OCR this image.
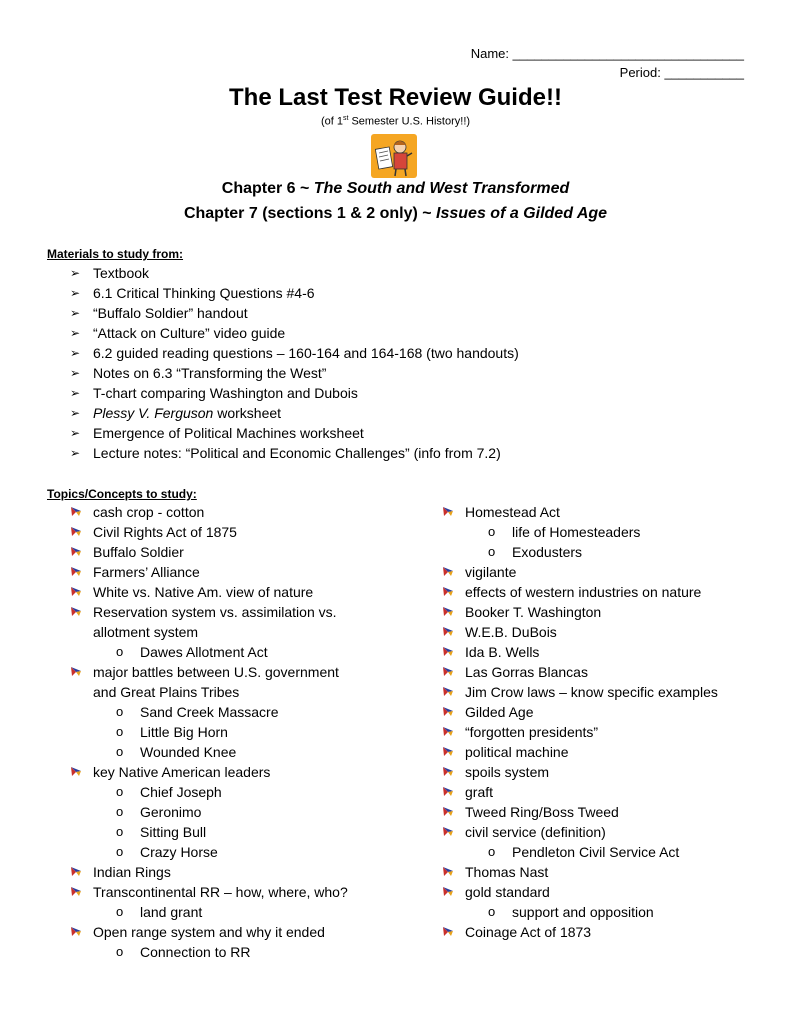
Name: ________________________________
Period: ___________
The Last Test Review Guide!!
(of 1st Semester U.S. History!!)
Chapter 6 ~ The South and West Transformed
Chapter 7 (sections 1 & 2 only) ~ Issues of a Gilded Age
Materials to study from:
➢ Textbook
➢ 6.1 Critical Thinking Questions #4-6
➢ “Buffalo Soldier” handout
➢ “Attack on Culture” video guide
➢ 6.2 guided reading questions – 160-164 and 164-168 (two handouts)
➢ Notes on 6.3 “Transforming the West”
➢ T-chart comparing Washington and Dubois
➢ Plessy V. Ferguson worksheet
➢ Emergence of Political Machines worksheet
➢ Lecture notes: “Political and Economic Challenges” (info from 7.2)
Topics/Concepts to study:
cash crop - cotton
Civil Rights Act of 1875
Buffalo Soldier
Farmers’ Alliance
White vs. Native Am. view of nature
Reservation system vs. assimilation vs.
allotment system
o Dawes Allotment Act
major battles between U.S. government
and Great Plains Tribes
o Sand Creek Massacre
o Little Big Horn
o Wounded Knee
key Native American leaders
o Chief Joseph
o Geronimo
o Sitting Bull
o Crazy Horse
Indian Rings
Transcontinental RR – how, where, who?
o land grant
Open range system and why it ended
o Connection to RR
Homestead Act
o life of Homesteaders
o Exodusters
vigilante
effects of western industries on nature
Booker T. Washington
W.E.B. DuBois
Ida B. Wells
Las Gorras Blancas
Jim Crow laws – know specific examples
Gilded Age
“forgotten presidents”
political machine
spoils system
graft
Tweed Ring/Boss Tweed
civil service (definition)
o Pendleton Civil Service Act
Thomas Nast
gold standard
o support and opposition
Coinage Act of 1873
